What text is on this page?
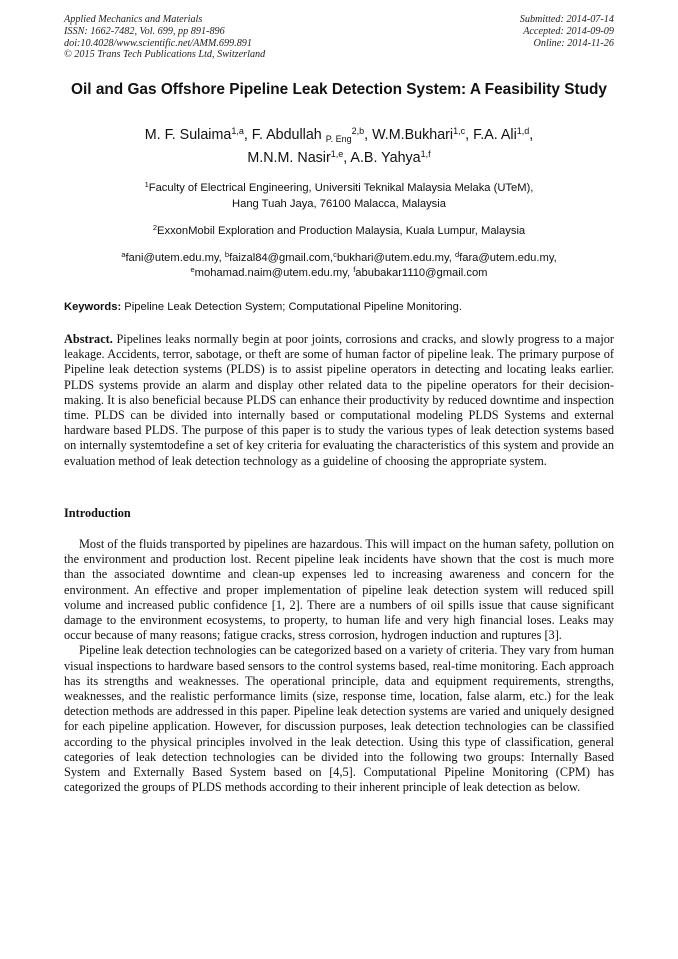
Applied Mechanics and Materials
ISSN: 1662-7482, Vol. 699, pp 891-896
doi:10.4028/www.scientific.net/AMM.699.891
© 2015 Trans Tech Publications Ltd, Switzerland
Submitted: 2014-07-14
Accepted: 2014-09-09
Online: 2014-11-26
Oil and Gas Offshore Pipeline Leak Detection System: A Feasibility Study
M. F. Sulaima$^{1,a}$, F. Abdullah $_{P. Eng}^{2,b}$, W.M.Bukhari$^{1,c}$, F.A. Ali$^{1,d}$,
M.N.M. Nasir$^{1,e}$, A.B. Yahya$^{1,f}$
$^1$Faculty of Electrical Engineering, Universiti Teknikal Malaysia Melaka (UTeM),
Hang Tuah Jaya, 76100 Malacca, Malaysia
$^2$ExxonMobil Exploration and Production Malaysia, Kuala Lumpur, Malaysia
$^a$fani@utem.edu.my, $^b$faizal84@gmail.com,$^c$bukhari@utem.edu.my, $^d$fara@utem.edu.my,
$^e$mohamad.naim@utem.edu.my, $^f$abubakar1110@gmail.com
Keywords: Pipeline Leak Detection System; Computational Pipeline Monitoring.
Abstract. Pipelines leaks normally begin at poor joints, corrosions and cracks, and slowly progress to a major leakage. Accidents, terror, sabotage, or theft are some of human factor of pipeline leak. The primary purpose of Pipeline leak detection systems (PLDS) is to assist pipeline operators in detecting and locating leaks earlier. PLDS systems provide an alarm and display other related data to the pipeline operators for their decision-making. It is also beneficial because PLDS can enhance their productivity by reduced downtime and inspection time. PLDS can be divided into internally based or computational modeling PLDS Systems and external hardware based PLDS. The purpose of this paper is to study the various types of leak detection systems based on internally systemtodefine a set of key criteria for evaluating the characteristics of this system and provide an evaluation method of leak detection technology as a guideline of choosing the appropriate system.
Introduction

Most of the fluids transported by pipelines are hazardous. This will impact on the human safety, pollution on the environment and production lost. Recent pipeline leak incidents have shown that the cost is much more than the associated downtime and clean-up expenses led to increasing awareness and concern for the environment. An effective and proper implementation of pipeline leak detection system will reduced spill volume and increased public confidence [1, 2]. There are a numbers of oil spills issue that cause significant damage to the environment ecosystems, to property, to human life and very high financial loses. Leaks may occur because of many reasons; fatigue cracks, stress corrosion, hydrogen induction and ruptures [3].

Pipeline leak detection technologies can be categorized based on a variety of criteria. They vary from human visual inspections to hardware based sensors to the control systems based, real-time monitoring. Each approach has its strengths and weaknesses. The operational principle, data and equipment requirements, strengths, weaknesses, and the realistic performance limits (size, response time, location, false alarm, etc.) for the leak detection methods are addressed in this paper. Pipeline leak detection systems are varied and uniquely designed for each pipeline application. However, for discussion purposes, leak detection technologies can be classified according to the physical principles involved in the leak detection. Using this type of classification, general categories of leak detection technologies can be divided into the following two groups: Internally Based System and Externally Based System based on [4,5]. Computational Pipeline Monitoring (CPM) has categorized the groups of PLDS methods according to their inherent principle of leak detection as below.
